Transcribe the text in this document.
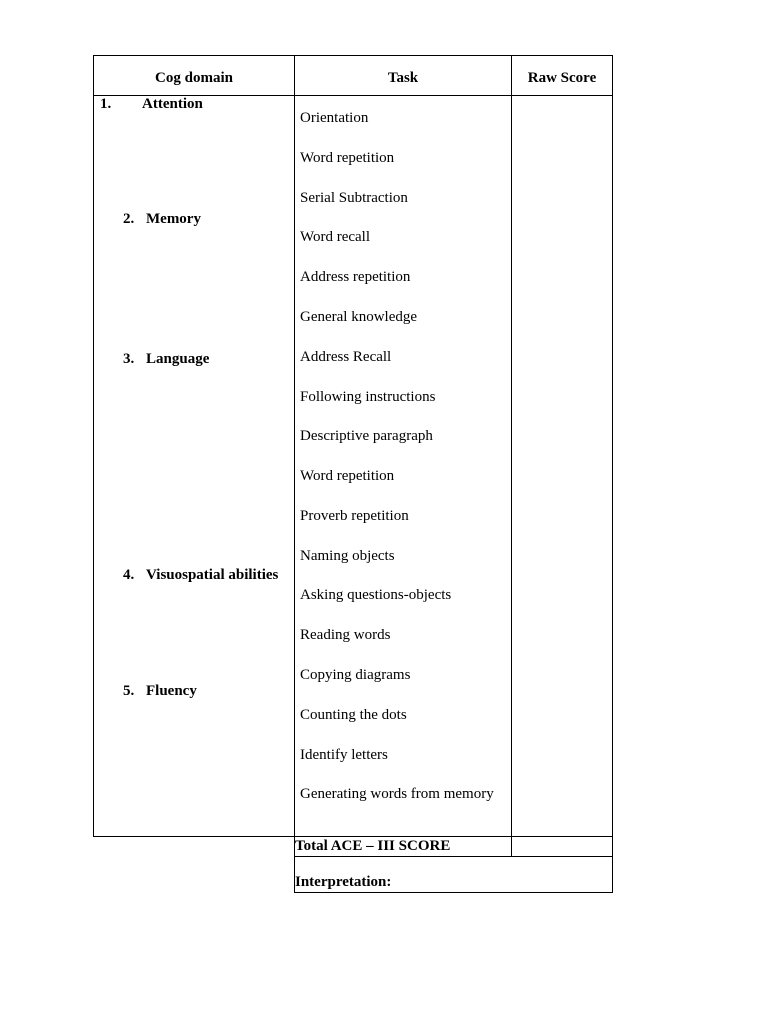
Cog domain	Task	Raw Score
1. Attention
2. Memory
3. Language
4. Visuospatial abilities
5. Fluency
Orientation
Word repetition
Serial Subtraction
Word recall
Address repetition
General knowledge
Address Recall
Following instructions
Descriptive paragraph
Word repetition
Proverb repetition
Naming objects
Asking questions-objects
Reading words
Copying diagrams
Counting the dots
Identify letters
Generating words from memory
Total ACE – III SCORE
Interpretation:
